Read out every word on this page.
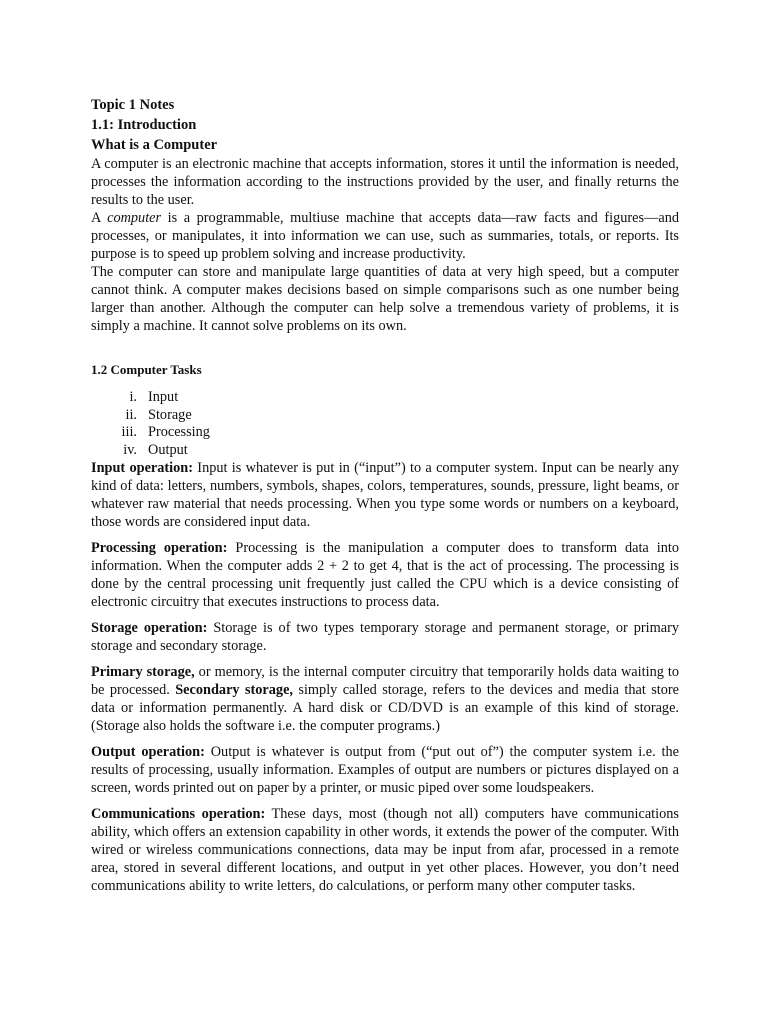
Topic 1 Notes
1.1: Introduction
What is a Computer

A computer is an electronic machine that accepts information, stores it until the information is needed, processes the information according to the instructions provided by the user, and finally returns the results to the user.

A computer is a programmable, multiuse machine that accepts data—raw facts and figures—and processes, or manipulates, it into information we can use, such as summaries, totals, or reports. Its purpose is to speed up problem solving and increase productivity.

The computer can store and manipulate large quantities of data at very high speed, but a computer cannot think. A computer makes decisions based on simple comparisons such as one number being larger than another. Although the computer can help solve a tremendous variety of problems, it is simply a machine. It cannot solve problems on its own.

1.2 Computer Tasks
i. Input
ii. Storage
iii. Processing
iv. Output

Input operation: Input is whatever is put in (“input”) to a computer system. Input can be nearly any kind of data: letters, numbers, symbols, shapes, colors, temperatures, sounds, pressure, light beams, or whatever raw material that needs processing. When you type some words or numbers on a keyboard, those words are considered input data.

Processing operation: Processing is the manipulation a computer does to transform data into information. When the computer adds 2 + 2 to get 4, that is the act of processing. The processing is done by the central processing unit frequently just called the CPU which is a device consisting of electronic circuitry that executes instructions to process data.

Storage operation: Storage is of two types temporary storage and permanent storage, or primary storage and secondary storage.

Primary storage, or memory, is the internal computer circuitry that temporarily holds data waiting to be processed. Secondary storage, simply called storage, refers to the devices and media that store data or information permanently. A hard disk or CD/DVD is an example of this kind of storage. (Storage also holds the software i.e. the computer programs.)

Output operation: Output is whatever is output from (“put out of”) the computer system i.e. the results of processing, usually information. Examples of output are numbers or pictures displayed on a screen, words printed out on paper by a printer, or music piped over some loudspeakers.

Communications operation: These days, most (though not all) computers have communications ability, which offers an extension capability in other words, it extends the power of the computer. With wired or wireless communications connections, data may be input from afar, processed in a remote area, stored in several different locations, and output in yet other places. However, you don’t need communications ability to write letters, do calculations, or perform many other computer tasks.
